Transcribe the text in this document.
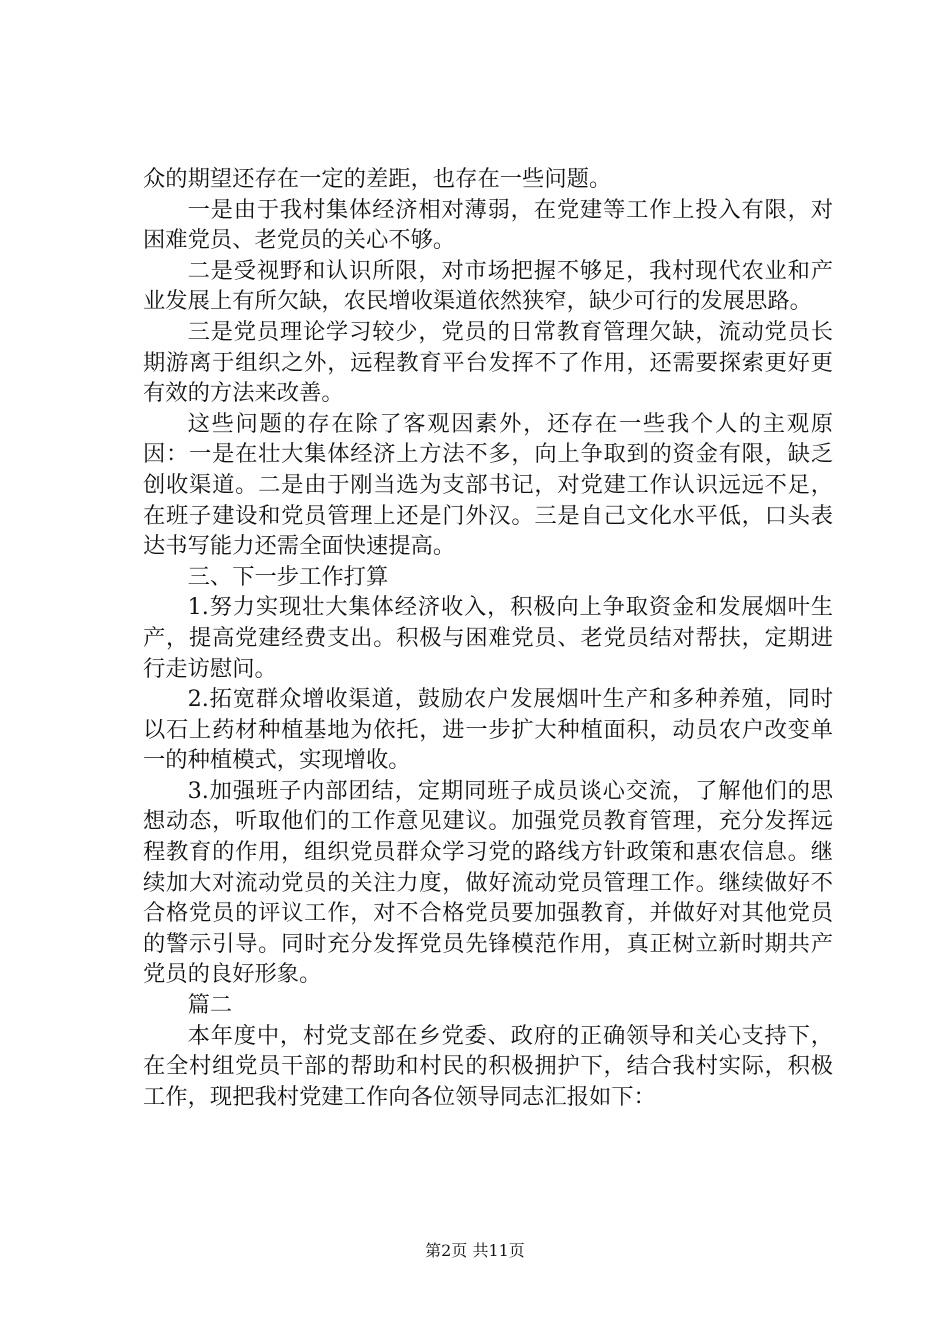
众的期望还存在一定的差距，也存在一些问题。

一是由于我村集体经济相对薄弱，在党建等工作上投入有限，对困难党员、老党员的关心不够。

二是受视野和认识所限，对市场把握不够足，我村现代农业和产业发展上有所欠缺，农民增收渠道依然狭窄，缺少可行的发展思路。

三是党员理论学习较少，党员的日常教育管理欠缺，流动党员长期游离于组织之外，远程教育平台发挥不了作用，还需要探索更好更有效的方法来改善。

这些问题的存在除了客观因素外，还存在一些我个人的主观原因：一是在壮大集体经济上方法不多，向上争取到的资金有限，缺乏创收渠道。二是由于刚当选为支部书记，对党建工作认识远远不足，在班子建设和党员管理上还是门外汉。三是自己文化水平低，口头表达书写能力还需全面快速提高。

三、下一步工作打算

1.努力实现壮大集体经济收入，积极向上争取资金和发展烟叶生产，提高党建经费支出。积极与困难党员、老党员结对帮扶，定期进行走访慰问。

2.拓宽群众增收渠道，鼓励农户发展烟叶生产和多种养殖，同时以石上药材种植基地为依托，进一步扩大种植面积，动员农户改变单一的种植模式，实现增收。

3.加强班子内部团结，定期同班子成员谈心交流，了解他们的思想动态，听取他们的工作意见建议。加强党员教育管理，充分发挥远程教育的作用，组织党员群众学习党的路线方针政策和惠农信息。继续加大对流动党员的关注力度，做好流动党员管理工作。继续做好不合格党员的评议工作，对不合格党员要加强教育，并做好对其他党员的警示引导。同时充分发挥党员先锋模范作用，真正树立新时期共产党员的良好形象。

篇二

本年度中，村党支部在乡党委、政府的正确领导和关心支持下，在全村组党员干部的帮助和村民的积极拥护下，结合我村实际，积极工作，现把我村党建工作向各位领导同志汇报如下：

第2页 共11页
